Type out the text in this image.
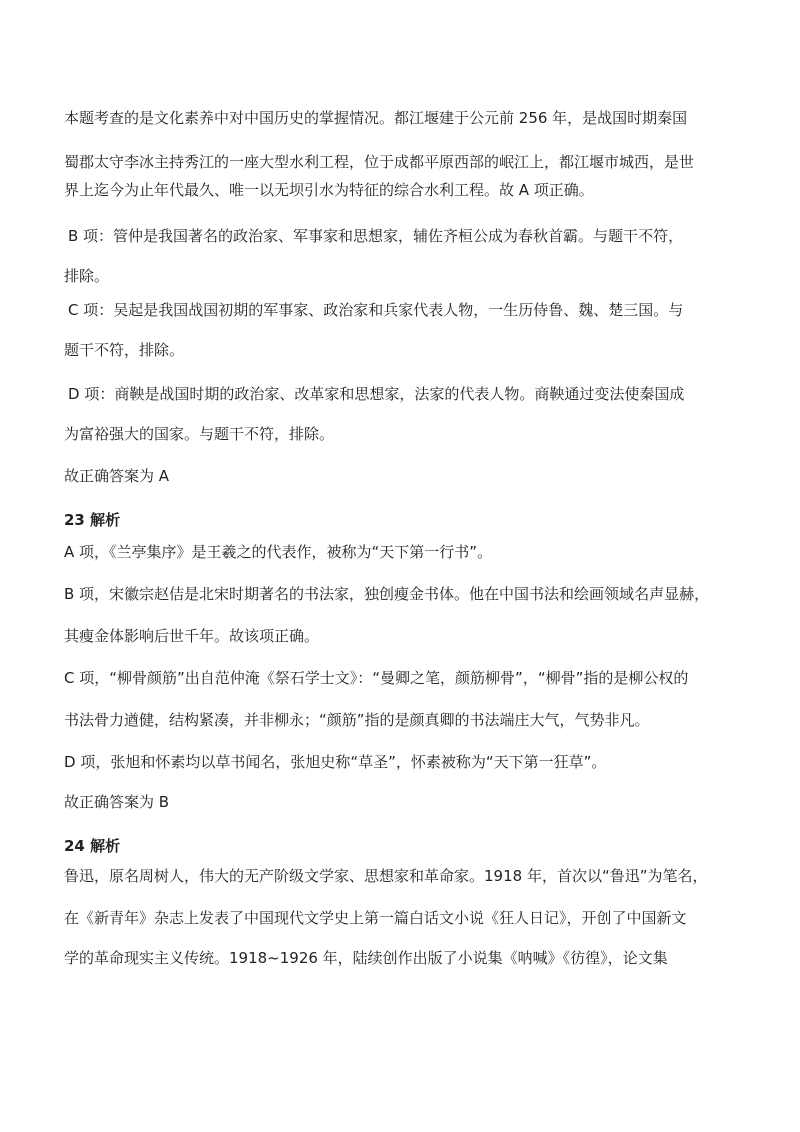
本题考查的是文化素养中对中国历史的掌握情况。都江堰建于公元前 256 年，是战国时期秦国
蜀郡太守李冰主持秀江的一座大型水利工程，位于成都平原西部的岷江上，都江堰市城西，是世
界上迄今为止年代最久、唯一以无坝引水为特征的综合水利工程。故 A 项正确。
B 项：管仲是我国著名的政治家、军事家和思想家，辅佐齐桓公成为春秋首霸。与题干不符，
排除。
C 项：吴起是我国战国初期的军事家、政治家和兵家代表人物，一生历侍鲁、魏、楚三国。与
题干不符，排除。
D 项：商鞅是战国时期的政治家、改革家和思想家，法家的代表人物。商鞅通过变法使秦国成
为富裕强大的国家。与题干不符，排除。
故正确答案为 A
23 解析
A 项，《兰亭集序》是王羲之的代表作，被称为“天下第一行书”。
B 项，宋徽宗赵佶是北宋时期著名的书法家，独创瘦金书体。他在中国书法和绘画领域名声显赫，
其瘦金体影响后世千年。故该项正确。
C 项，“柳骨颜筋”出自范仲淹《祭石学士文》：“曼卿之笔，颜筋柳骨”，“柳骨”指的是柳公权的
书法骨力遒健，结构紧凑，并非柳永；“颜筋”指的是颜真卿的书法端庄大气，气势非凡。
D 项，张旭和怀素均以草书闻名，张旭史称“草圣”，怀素被称为“天下第一狂草”。
故正确答案为 B
24 解析
鲁迅，原名周树人，伟大的无产阶级文学家、思想家和革命家。1918 年，首次以“鲁迅”为笔名，
在《新青年》杂志上发表了中国现代文学史上第一篇白话文小说《狂人日记》，开创了中国新文
学的革命现实主义传统。1918~1926 年，陆续创作出版了小说集《呐喊》《彷徨》，论文集
